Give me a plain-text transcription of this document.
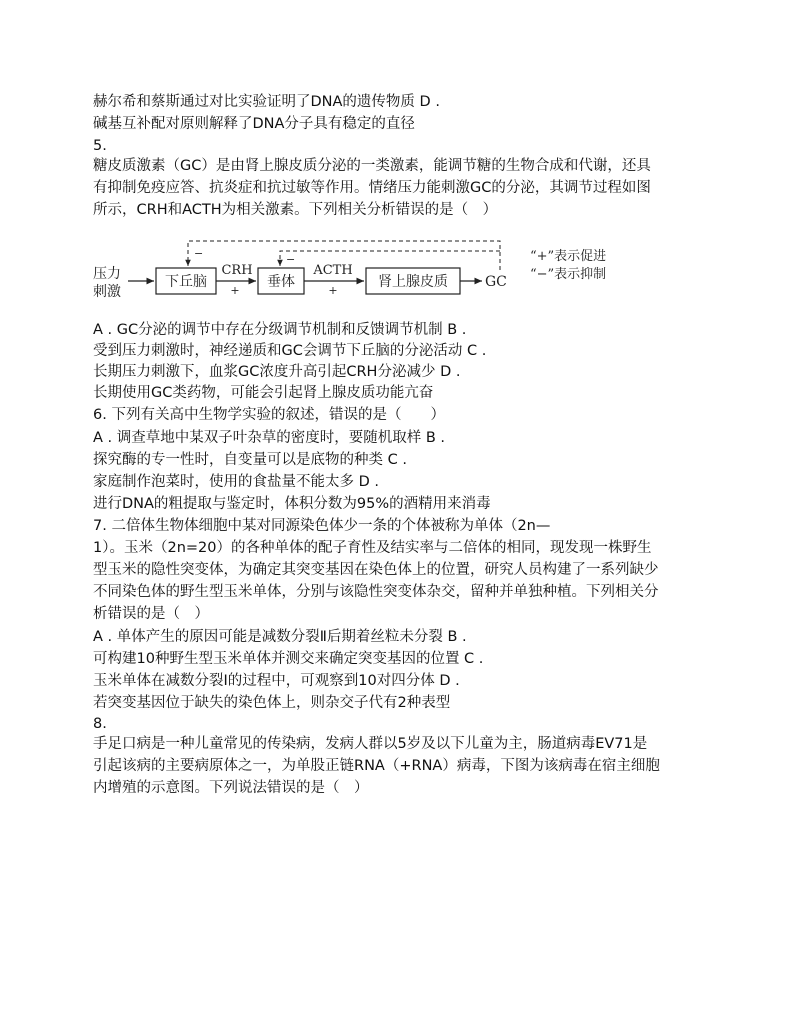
赫尔希和蔡斯通过对比实验证明了DNA的遗传物质 D .
碱基互补配对原则解释了DNA分子具有稳定的直径
5.
糖皮质激素（GC）是由肾上腺皮质分泌的一类激素，能调节糖的生物合成和代谢，还具
有抑制免疫应答、抗炎症和抗过敏等作用。情绪压力能刺激GC的分泌，其调节过程如图
所示，CRH和ACTH为相关激素。下列相关分析错误的是（　）
压力
刺激
下丘脑
CRH
+
垂体
ACTH
+
肾上腺皮质	GC
−	−	“+”表示促进
“−”表示抑制
A . GC分泌的调节中存在分级调节机制和反馈调节机制 B .
受到压力刺激时，神经递质和GC会调节下丘脑的分泌活动 C .
长期压力刺激下，血浆GC浓度升高引起CRH分泌减少 D .
长期使用GC类药物，可能会引起肾上腺皮质功能亢奋
6. 下列有关高中生物学实验的叙述，错误的是（　　）
A . 调查草地中某双子叶杂草的密度时，要随机取样 B .
探究酶的专一性时，自变量可以是底物的种类 C .
家庭制作泡菜时，使用的食盐量不能太多 D .
进行DNA的粗提取与鉴定时，体积分数为95%的酒精用来消毒
7. 二倍体生物体细胞中某对同源染色体少一条的个体被称为单体（2n—
1）。玉米（2n=20）的各种单体的配子育性及结实率与二倍体的相同，现发现一株野生
型玉米的隐性突变体，为确定其突变基因在染色体上的位置，研究人员构建了一系列缺少
不同染色体的野生型玉米单体，分别与该隐性突变体杂交，留种并单独种植。下列相关分
析错误的是（　）
A . 单体产生的原因可能是减数分裂Ⅱ后期着丝粒未分裂 B .
可构建10种野生型玉米单体并测交来确定突变基因的位置 C .
玉米单体在减数分裂Ⅰ的过程中，可观察到10对四分体 D .
若突变基因位于缺失的染色体上，则杂交子代有2种表型
8.
手足口病是一种儿童常见的传染病，发病人群以5岁及以下儿童为主，肠道病毒EV71是
引起该病的主要病原体之一，为单股正链RNA（+RNA）病毒，下图为该病毒在宿主细胞
内增殖的示意图。下列说法错误的是（　）
